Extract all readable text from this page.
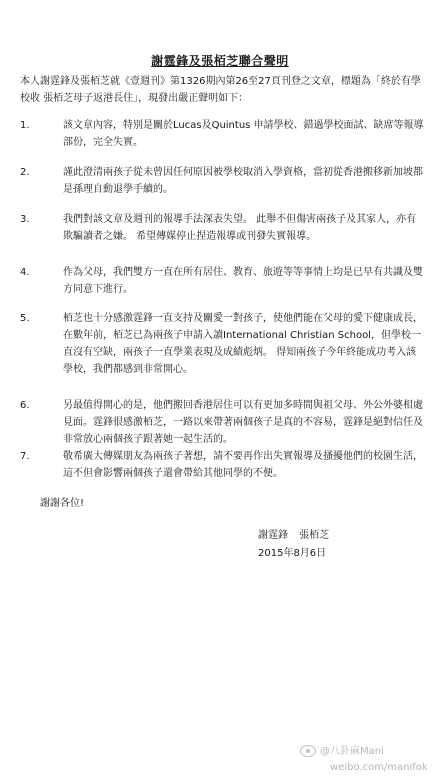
謝霆鋒及張栢芝聯合聲明
本人謝霆鋒及張栢芝就《壹週刊》第1326期內第26至27頁刊登之文章，標題為「終於有學校收 張栢芝母子返港長住」，現發出嚴正聲明如下：
1.	該文章內容，特別是關於Lucas及Quintus 申請學校、錯過學校面試、缺席等報導部份，完全失實。
2.	謹此澄清兩孩子從未曾因任何原因被學校取消入學資格，當初從香港搬移新加坡都是孫理自動退學手續的。
3.	我們對該文章及週刊的報導手法深表失望。 此舉不但傷害兩孩子及其家人，亦有欺騙讀者之嫌。 希望傳媒停止捏造報導或刊發失實報導。
4.	作為父母，我們雙方一直在所有居住、教育、旅遊等等事情上均是已早有共識及雙方同意下進行。
5.	栢芝也十分感激霆鋒一直支持及關愛一對孩子，使他們能在父母的愛下健康成長，在數年前，栢芝已為兩孩子申請入讀International Christian School，但學校一直沒有空缺，兩孩子一直學業表現及成績彪炳。 得知兩孩子今年終能成功考入該學校，我們都感到非常開心。
6.	另最值得開心的是，他們搬回香港居住可以有更加多時間與祖父母、外公外婆相處見面。霆鋒很感激栢芝，一路以來帶著兩個孩子是真的不容易，霆鋒是絕對信任及非常放心兩個孩子跟著她一起生活的。
7.	敬希廣大傳媒朋友為兩孩子著想，請不要再作出失實報導及搔擾他們的校園生活，這不但會影響兩個孩子還會帶給其他同學的不便。
謝謝各位!
謝霆鋒 張栢芝
2015年8月6日
@八卦麻Mani
weibo.com/manifok
